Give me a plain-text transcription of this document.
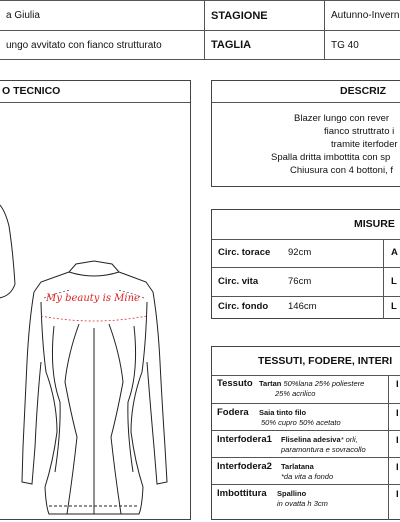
a Giulia	STAGIONE	Autunno-Invern
ungo avvitato con fianco strutturato	TAGLIA	TG 40
O TECNICO
My beauty is Mine
DESCRIZ
Blazer lungo con rever
fianco struttrato i
tramite iterfoder
Spalla dritta imbottita con sp
Chiusura con 4 bottoni, f
MISURE
Circ. torace 92cm	A
Circ. vita	76cm	L
Circ. fondo 146cm	L
TESSUTI, FODERE, INTERI
Tessuto Tartan 50%lana 25% poliestere
25% acrilico
I
Fodera Saia tinto filo
50% cupro 50% acetato
I
Interfodera1 Fliselina adesiva* orli,
paramontura e sovracollo
I
Interfodera2 Tarlatana
*da vita a fondo
I
Imbottitura Spallino
in ovatta h 3cm
I
